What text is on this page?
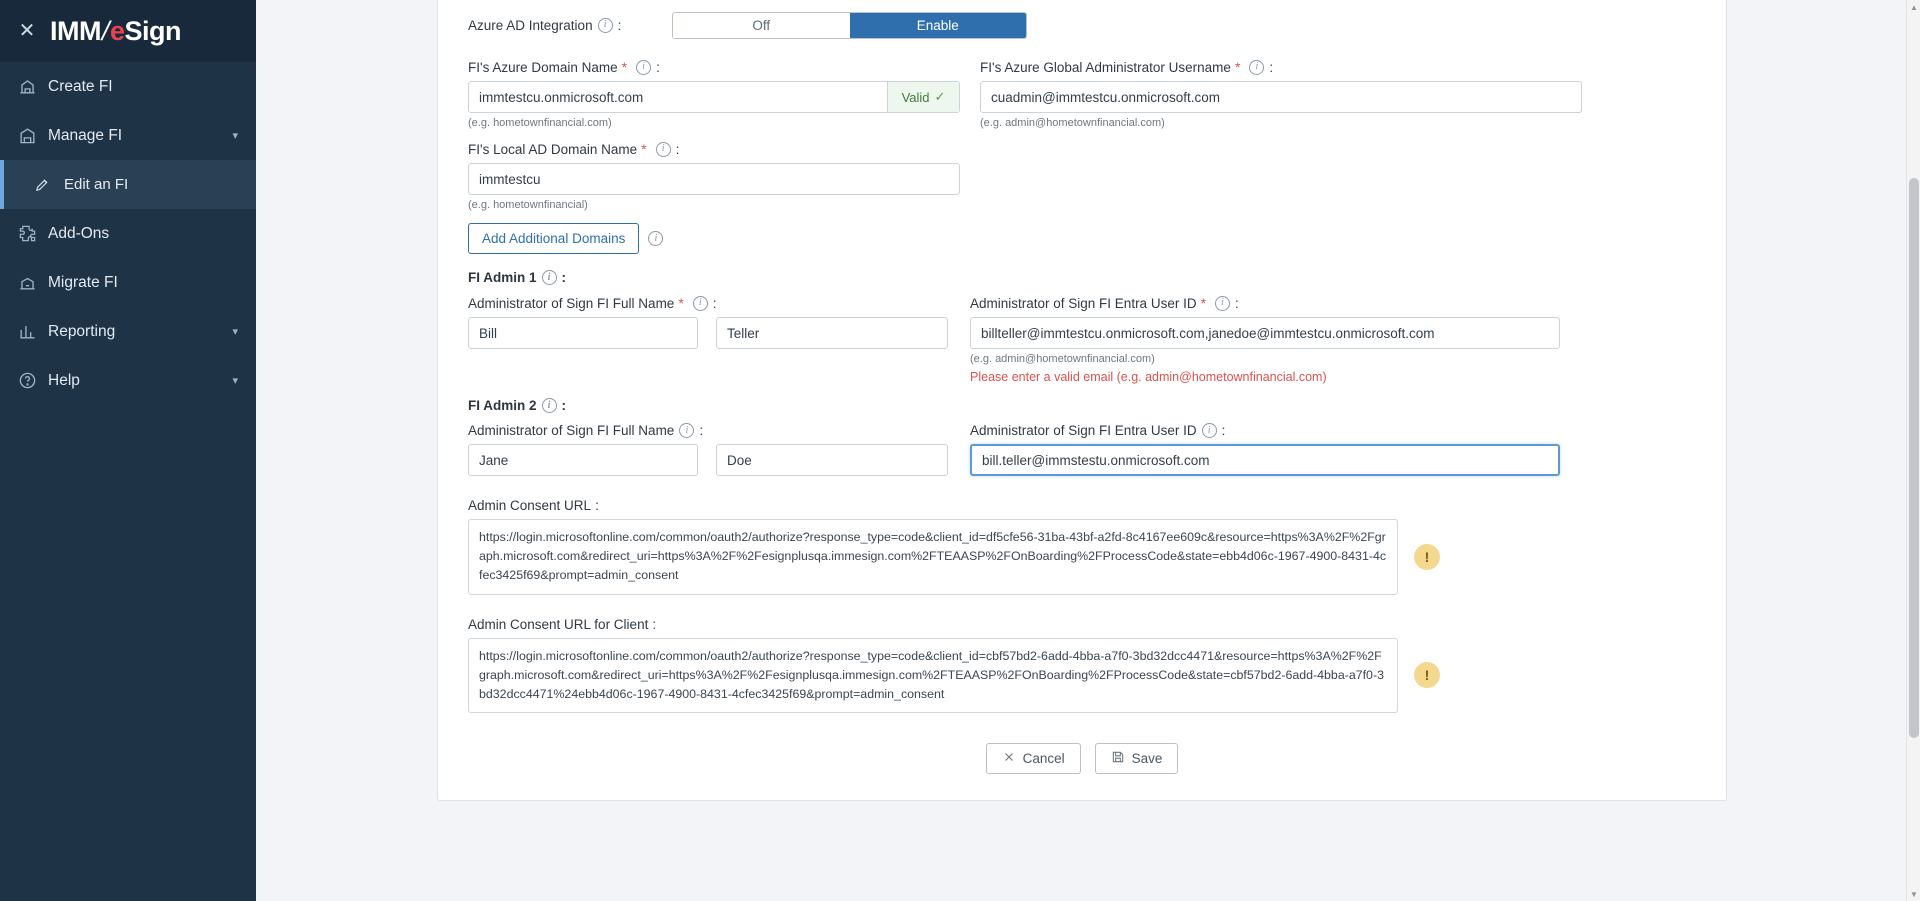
✕ IMM
/
e Sign
Create FI
Manage FI	▾
Edit an FI
Add-Ons
Migrate FI
Reporting	▾
Help	▾
Azure AD Integration	i :	Off	Enable
FI's Azure Domain Name *	i :
immtestcu.onmicrosoft.com
Valid ✓
(e.g. hometownfinancial.com)
FI's Azure Global Administrator Username *	i :
cuadmin@immtestcu.onmicrosoft.com
(e.g. admin@hometownfinancial.com)
FI's Local AD Domain Name *	i :
immtestcu
(e.g. hometownfinancial)
Add Additional Domains	i
FI Admin 1	i :
Administrator of Sign FI Full Name *	i :
Bill
Teller	Administrator of Sign FI Entra User ID *	i :
billteller@immtestcu.onmicrosoft.com,janedoe@immtestcu.onmicrosoft.com
(e.g. admin@hometownfinancial.com)
Please enter a valid email (e.g. admin@hometownfinancial.com)
FI Admin 2	i :
Administrator of Sign FI Full Name	i :
Jane
Doe	Administrator of Sign FI Entra User ID	i :
bill.teller@immstestu.onmicrosoft.com
Admin Consent URL :
https://login.microsoftonline.com/common/oauth2/authorize?response_type=code&client_id=df5cfe56-31ba-43bf-a2fd-8c4167ee609c&resource=https%3A%2F%2Fgraph.microsoft.com&redirect_uri=https%3A%2F%2Fesignplusqa.immesign.com%2FTEAASP%2FOnBoarding%2FProcessCode&state=ebb4d06c-1967-4900-8431-4cfec3425f69&prompt=admin_consent
!
Admin Consent URL for Client :
https://login.microsoftonline.com/common/oauth2/authorize?response_type=code&client_id=cbf57bd2-6add-4bba-a7f0-3bd32dcc4471&resource=https%3A%2F%2Fgraph.microsoft.com&redirect_uri=https%3A%2F%2Fesignplusqa.immesign.com%2FTEAASP%2FOnBoarding%2FProcessCode&state=cbf57bd2-6add-4bba-a7f0-3bd32dcc4471%24ebb4d06c-1967-4900-8431-4cfec3425f69&prompt=admin_consent
!
Cancel	Save
▲
▼
